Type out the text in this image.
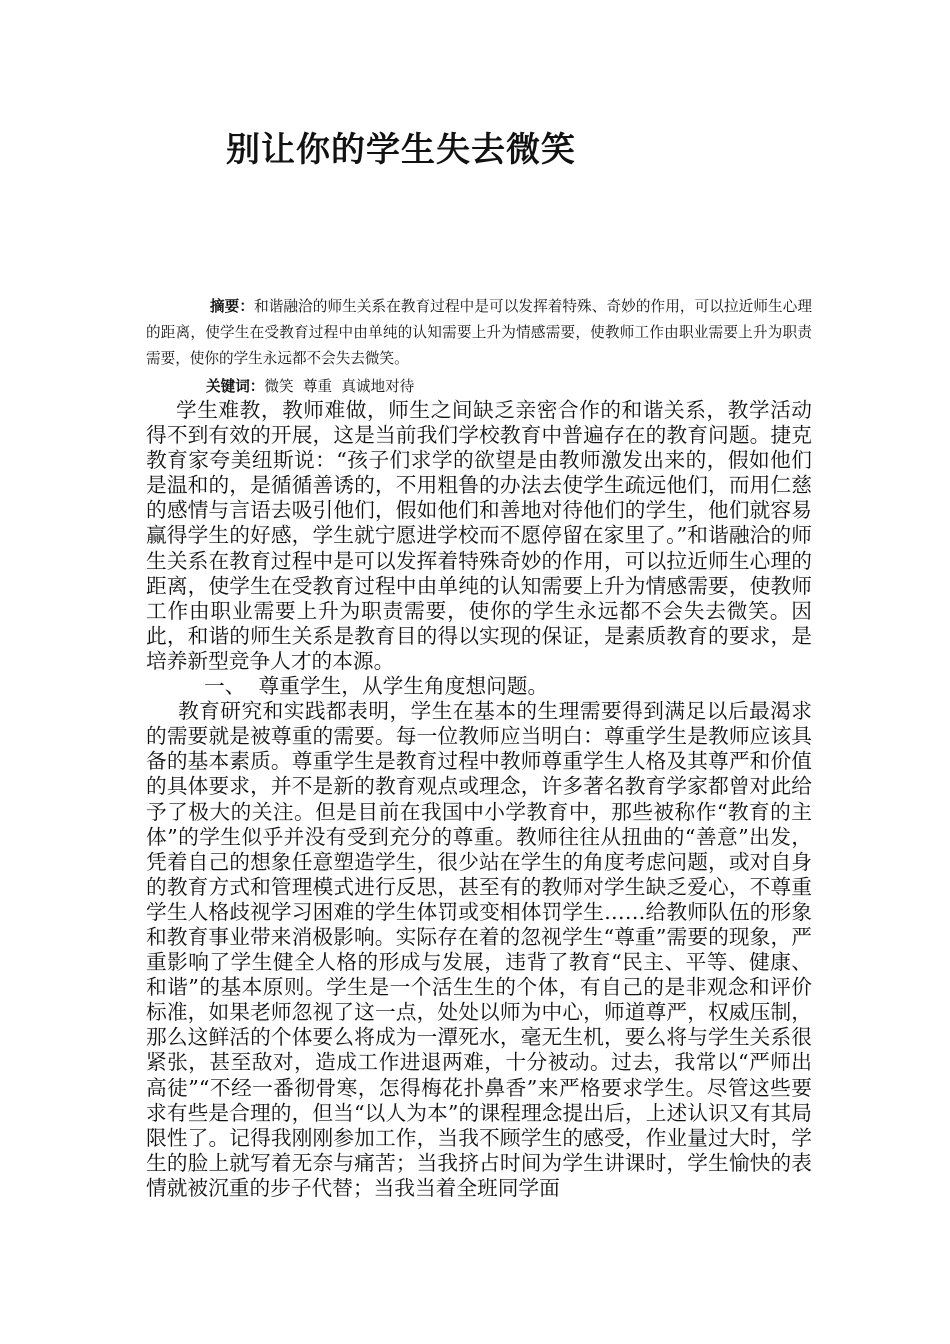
别让你的学生失去微笑
摘要：和谐融洽的师生关系在教育过程中是可以发挥着特殊、奇妙的作用，可以拉近师生心理的距离，使学生在受教育过程中由单纯的认知需要上升为情感需要，使教师工作由职业需要上升为职责需要，使你的学生永远都不会失去微笑。
关键词：微笑  尊重  真诚地对待

学生难教，教师难做，师生之间缺乏亲密合作的和谐关系，教学活动得不到有效的开展，这是当前我们学校教育中普遍存在的教育问题。捷克教育家夸美纽斯说：“孩子们求学的欲望是由教师激发出来的，假如他们是温和的，是循循善诱的，不用粗鲁的办法去使学生疏远他们，而用仁慈的感情与言语去吸引他们，假如他们和善地对待他们的学生，他们就容易赢得学生的好感，学生就宁愿进学校而不愿停留在家里了。”和谐融洽的师生关系在教育过程中是可以发挥着特殊奇妙的作用，可以拉近师生心理的距离，使学生在受教育过程中由单纯的认知需要上升为情感需要，使教师工作由职业需要上升为职责需要，使你的学生永远都不会失去微笑。因此，和谐的师生关系是教育目的得以实现的保证，是素质教育的要求，是培养新型竞争人才的本源。

一、  尊重学生，从学生角度想问题。

教育研究和实践都表明，学生在基本的生理需要得到满足以后最渴求的需要就是被尊重的需要。每一位教师应当明白：尊重学生是教师应该具备的基本素质。尊重学生是教育过程中教师尊重学生人格及其尊严和价值的具体要求，并不是新的教育观点或理念，许多著名教育学家都曾对此给予了极大的关注。但是目前在我国中小学教育中，那些被称作“教育的主体”的学生似乎并没有受到充分的尊重。教师往往从扭曲的“善意”出发，凭着自己的想象任意塑造学生，很少站在学生的角度考虑问题，或对自身的教育方式和管理模式进行反思，甚至有的教师对学生缺乏爱心，不尊重学生人格歧视学习困难的学生体罚或变相体罚学生……给教师队伍的形象和教育事业带来消极影响。实际存在着的忽视学生“尊重”需要的现象，严重影响了学生健全人格的形成与发展，违背了教育“民主、平等、健康、和谐”的基本原则。学生是一个活生生的个体，有自己的是非观念和评价标准，如果老师忽视了这一点，处处以师为中心，师道尊严，权威压制，那么这鲜活的个体要么将成为一潭死水，毫无生机，要么将与学生关系很紧张，甚至敌对，造成工作进退两难，十分被动。过去，我常以“严师出高徒”“不经一番彻骨寒，怎得梅花扑鼻香”来严格要求学生。尽管这些要求有些是合理的，但当“以人为本”的课程理念提出后，上述认识又有其局限性了。记得我刚刚参加工作，当我不顾学生的感受，作业量过大时，学生的脸上就写着无奈与痛苦；当我挤占时间为学生讲课时，学生愉快的表情就被沉重的步子代替；当我当着全班同学面
